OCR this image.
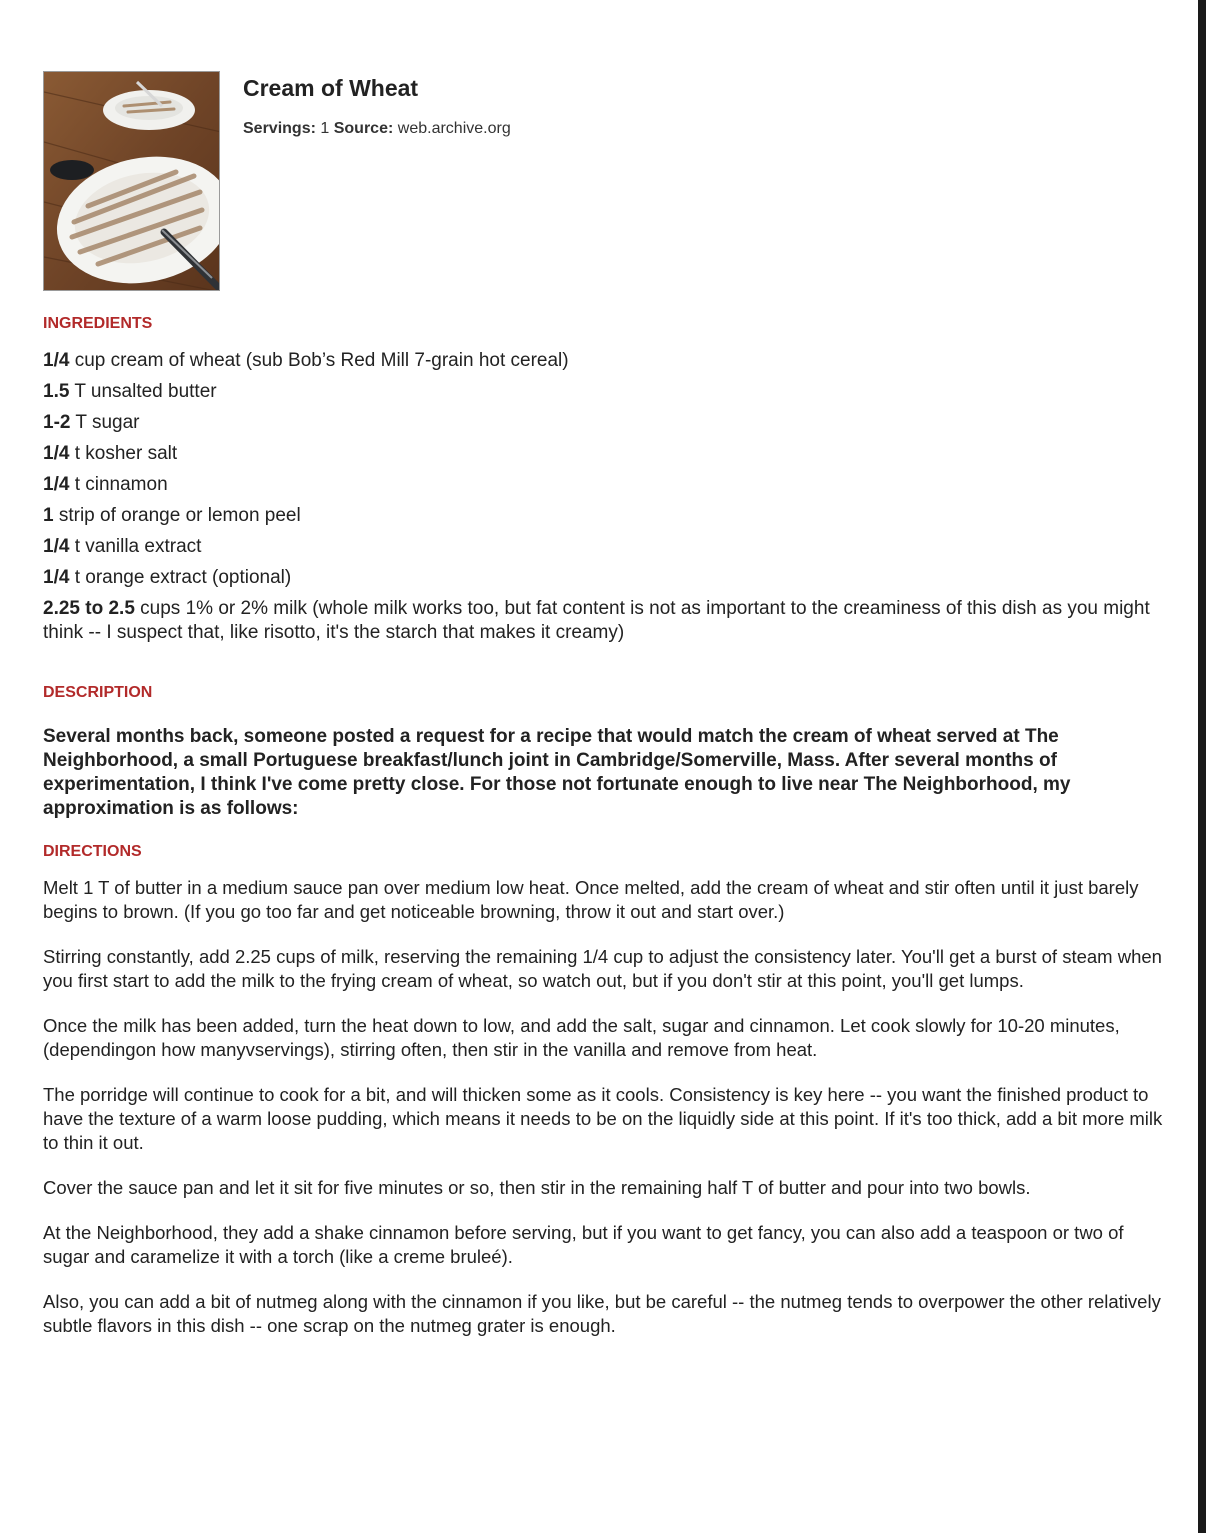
Cream of Wheat
Servings: 1 Source: web.archive.org
INGREDIENTS
1/4 cup cream of wheat (sub Bob’s Red Mill 7-grain hot cereal)
1.5 T unsalted butter
1-2 T sugar
1/4 t kosher salt
1/4 t cinnamon
1 strip of orange or lemon peel
1/4 t vanilla extract
1/4 t orange extract (optional)
2.25 to 2.5 cups 1% or 2% milk (whole milk works too, but fat content is not as important to the creaminess of this dish as you might think -- I suspect that, like risotto, it's the starch that makes it creamy)
DESCRIPTION

Several months back, someone posted a request for a recipe that would match the cream of wheat served at The Neighborhood, a small Portuguese breakfast/lunch joint in Cambridge/Somerville, Mass. After several months of experimentation, I think I've come pretty close. For those not fortunate enough to live near The Neighborhood, my approximation is as follows:

DIRECTIONS

Melt 1 T of butter in a medium sauce pan over medium low heat. Once melted, add the cream of wheat and stir often until it just barely begins to brown. (If you go too far and get noticeable browning, throw it out and start over.)

Stirring constantly, add 2.25 cups of milk, reserving the remaining 1/4 cup to adjust the consistency later. You'll get a burst of steam when you first start to add the milk to the frying cream of wheat, so watch out, but if you don't stir at this point, you'll get lumps.

Once the milk has been added, turn the heat down to low, and add the salt, sugar and cinnamon. Let cook slowly for 10-20 minutes, (dependingon how manyvservings), stirring often, then stir in the vanilla and remove from heat.

The porridge will continue to cook for a bit, and will thicken some as it cools. Consistency is key here -- you want the finished product to have the texture of a warm loose pudding, which means it needs to be on the liquidly side at this point. If it's too thick, add a bit more milk to thin it out.

Cover the sauce pan and let it sit for five minutes or so, then stir in the remaining half T of butter and pour into two bowls.

At the Neighborhood, they add a shake cinnamon before serving, but if you want to get fancy, you can also add a teaspoon or two of sugar and caramelize it with a torch (like a creme bruleé).

Also, you can add a bit of nutmeg along with the cinnamon if you like, but be careful -- the nutmeg tends to overpower the other relatively subtle flavors in this dish -- one scrap on the nutmeg grater is enough.
